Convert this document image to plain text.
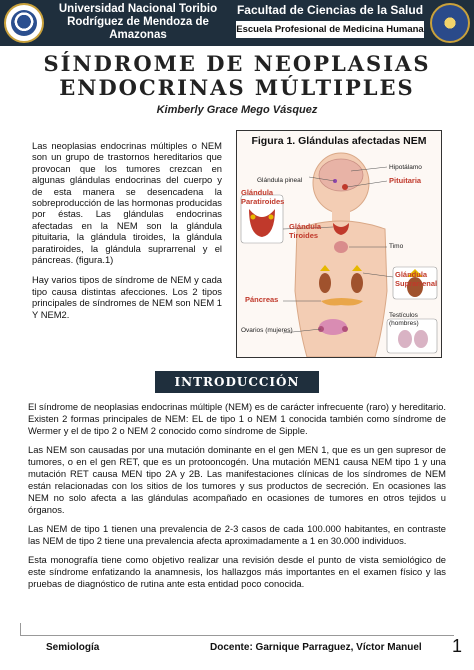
Universidad Nacional Toribio Rodríguez de Mendoza de Amazonas
Facultad de Ciencias de la Salud
Escuela Profesional de Medicina Humana
SÍNDROME DE NEOPLASIAS
ENDOCRINAS MÚLTIPLES
Kimberly Grace Mego Vásquez

Las neoplasias endocrinas múltiples o NEM son un grupo de trastornos hereditarios que provocan que los tumores crezcan en algunas glándulas endocrinas del cuerpo y de esta manera se desencadena la sobreproducción de las hormonas producidas por éstas. Las glándulas endocrinas afectadas en la NEM son la glándula pituitaria, la glándula tiroides, la glándula paratiroides, la glándula suprarrenal y el páncreas. (figura.1)

Hay varios tipos de síndrome de NEM y cada tipo causa distintas afecciones. Los 2 tipos principales de síndromes de NEM son NEM 1 Y NEM2.

Figura 1. Glándulas afectadas NEM
Glándula pineal
Hipotálamo
Pituitaria
Glándula Paratiroides
Glándula Tiroides
Timo
Glándula Suprarrenal
Páncreas
Ovarios (mujeres)
Testículos (hombres)
INTRODUCCIÓN

El síndrome de neoplasias endocrinas múltiple (NEM) es de carácter infrecuente (raro) y hereditario. Existen 2 formas principales de NEM: EL de tipo 1 o NEM 1 conocida también como síndrome de Wermer y el de tipo 2 o NEM 2 conocido como síndrome de Sipple.

Las NEM son causadas por una mutación dominante en el gen MEN 1, que es un gen supresor de tumores, o en el gen RET, que es un protooncogén. Una mutación MEN1 causa NEM tipo 1 y una mutación RET causa MEN tipo 2A y 2B. Las manifestaciones clínicas de los síndromes de NEM están relacionadas con los sitios de los tumores y sus productos de secreción. En ocasiones las NEM no solo afecta a las glándulas acompañado en ocasiones de tumores en otros tejidos u órganos.

Las NEM de tipo 1 tienen una prevalencia de 2-3 casos de cada 100.000 habitantes, en contraste las NEM de tipo 2 tiene una prevalencia afecta aproximadamente a 1 en 30.000 individuos.

Esta monografía tiene como objetivo realizar una revisión desde el punto de vista semiológico de este síndrome enfatizando la anamnesis, los hallazgos más importantes en el examen físico y las pruebas de diagnóstico de rutina ante esta entidad poco conocida.

Semiología	Docente: Garnique Parraguez, Víctor Manuel 1
